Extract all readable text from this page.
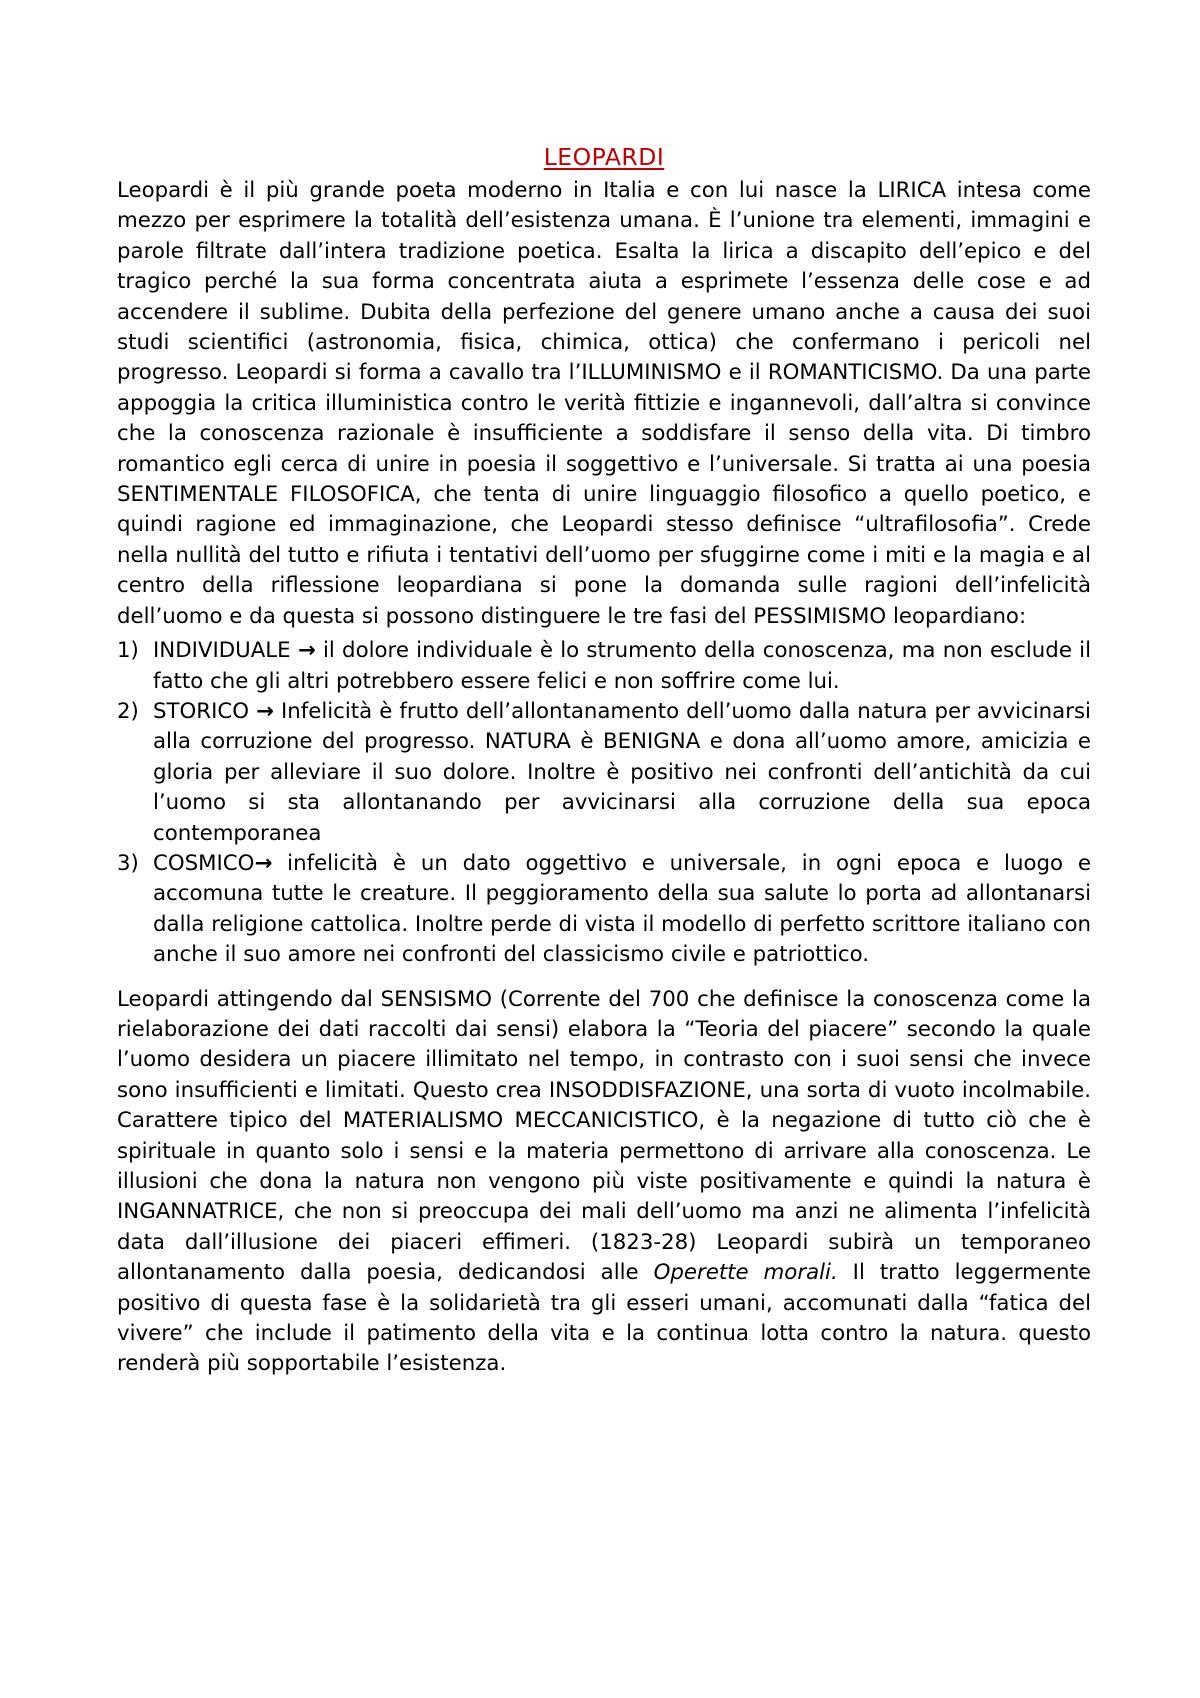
LEOPARDI

Leopardi è il più grande poeta moderno in Italia e con lui nasce la LIRICA intesa come mezzo per esprimere la totalità dell’esistenza umana. È l’unione tra elementi, immagini e parole filtrate dall’intera tradizione poetica. Esalta la lirica a discapito dell’epico e del tragico perché la sua forma concentrata aiuta a esprimete l’essenza delle cose e ad accendere il sublime. Dubita della perfezione del genere umano anche a causa dei suoi studi scientifici (astronomia, fisica, chimica, ottica) che confermano i pericoli nel progresso. Leopardi si forma a cavallo tra l’ILLUMINISMO e il ROMANTICISMO. Da una parte appoggia la critica illuministica contro le verità fittizie e ingannevoli, dall’altra si convince che la conoscenza razionale è insufficiente a soddisfare il senso della vita. Di timbro romantico egli cerca di unire in poesia il soggettivo e l’universale. Si tratta ai una poesia SENTIMENTALE FILOSOFICA, che tenta di unire linguaggio filosofico a quello poetico, e quindi ragione ed immaginazione, che Leopardi stesso definisce “ultrafilosofia”. Crede nella nullità del tutto e rifiuta i tentativi dell’uomo per sfuggirne come i miti e la magia e al centro della riflessione leopardiana si pone la domanda sulle ragioni dell’infelicità dell’uomo e da questa si possono distinguere le tre fasi del PESSIMISMO leopardiano:

1) INDIVIDUALE → il dolore individuale è lo strumento della conoscenza, ma non esclude il fatto che gli altri potrebbero essere felici e non soffrire come lui.
2) STORICO → Infelicità è frutto dell’allontanamento dell’uomo dalla natura per avvicinarsi alla corruzione del progresso. NATURA è BENIGNA e dona all’uomo amore, amicizia e gloria per alleviare il suo dolore. Inoltre è positivo nei confronti dell’antichità da cui l’uomo si sta allontanando per avvicinarsi alla corruzione della sua epoca contemporanea
3) COSMICO→ infelicità è un dato oggettivo e universale, in ogni epoca e luogo e accomuna tutte le creature. Il peggioramento della sua salute lo porta ad allontanarsi dalla religione cattolica. Inoltre perde di vista il modello di perfetto scrittore italiano con anche il suo amore nei confronti del classicismo civile e patriottico.

Leopardi attingendo dal SENSISMO (Corrente del 700 che definisce la conoscenza come la rielaborazione dei dati raccolti dai sensi) elabora la “Teoria del piacere” secondo la quale l’uomo desidera un piacere illimitato nel tempo, in contrasto con i suoi sensi che invece sono insufficienti e limitati. Questo crea INSODDISFAZIONE, una sorta di vuoto incolmabile. Carattere tipico del MATERIALISMO MECCANICISTICO, è la negazione di tutto ciò che è spirituale in quanto solo i sensi e la materia permettono di arrivare alla conoscenza. Le illusioni che dona la natura non vengono più viste positivamente e quindi la natura è INGANNATRICE, che non si preoccupa dei mali dell’uomo ma anzi ne alimenta l’infelicità data dall’illusione dei piaceri effimeri. (1823-28) Leopardi subirà un temporaneo allontanamento dalla poesia, dedicandosi alle Operette morali. Il tratto leggermente positivo di questa fase è la solidarietà tra gli esseri umani, accomunati dalla “fatica del vivere” che include il patimento della vita e la continua lotta contro la natura. questo renderà più sopportabile l’esistenza.
